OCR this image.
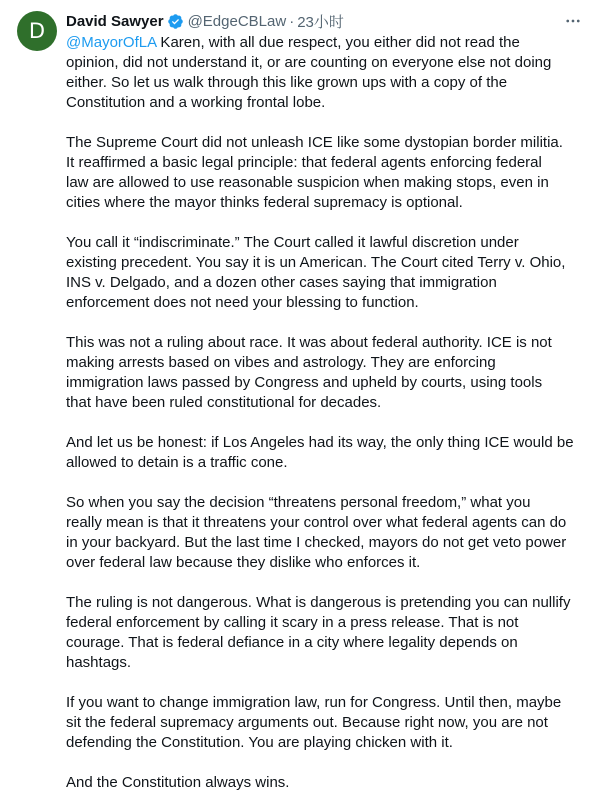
D	David Sawyer @EdgeCBLaw · 23小时

@MayorOfLA Karen, with all due respect, you either did not read the
opinion, did not understand it, or are counting on everyone else not doing
either. So let us walk through this like grown ups with a copy of the
Constitution and a working frontal lobe.

The Supreme Court did not unleash ICE like some dystopian border militia.
It reaffirmed a basic legal principle: that federal agents enforcing federal
law are allowed to use reasonable suspicion when making stops, even in
cities where the mayor thinks federal supremacy is optional.

You call it “indiscriminate.” The Court called it lawful discretion under
existing precedent. You say it is un American. The Court cited Terry v. Ohio,
INS v. Delgado, and a dozen other cases saying that immigration
enforcement does not need your blessing to function.

This was not a ruling about race. It was about federal authority. ICE is not
making arrests based on vibes and astrology. They are enforcing
immigration laws passed by Congress and upheld by courts, using tools
that have been ruled constitutional for decades.

And let us be honest: if Los Angeles had its way, the only thing ICE would be
allowed to detain is a traffic cone.

So when you say the decision “threatens personal freedom,” what you
really mean is that it threatens your control over what federal agents can do
in your backyard. But the last time I checked, mayors do not get veto power
over federal law because they dislike who enforces it.

The ruling is not dangerous. What is dangerous is pretending you can nullify
federal enforcement by calling it scary in a press release. That is not
courage. That is federal defiance in a city where legality depends on
hashtags.

If you want to change immigration law, run for Congress. Until then, maybe
sit the federal supremacy arguments out. Because right now, you are not
defending the Constitution. You are playing chicken with it.

And the Constitution always wins.
